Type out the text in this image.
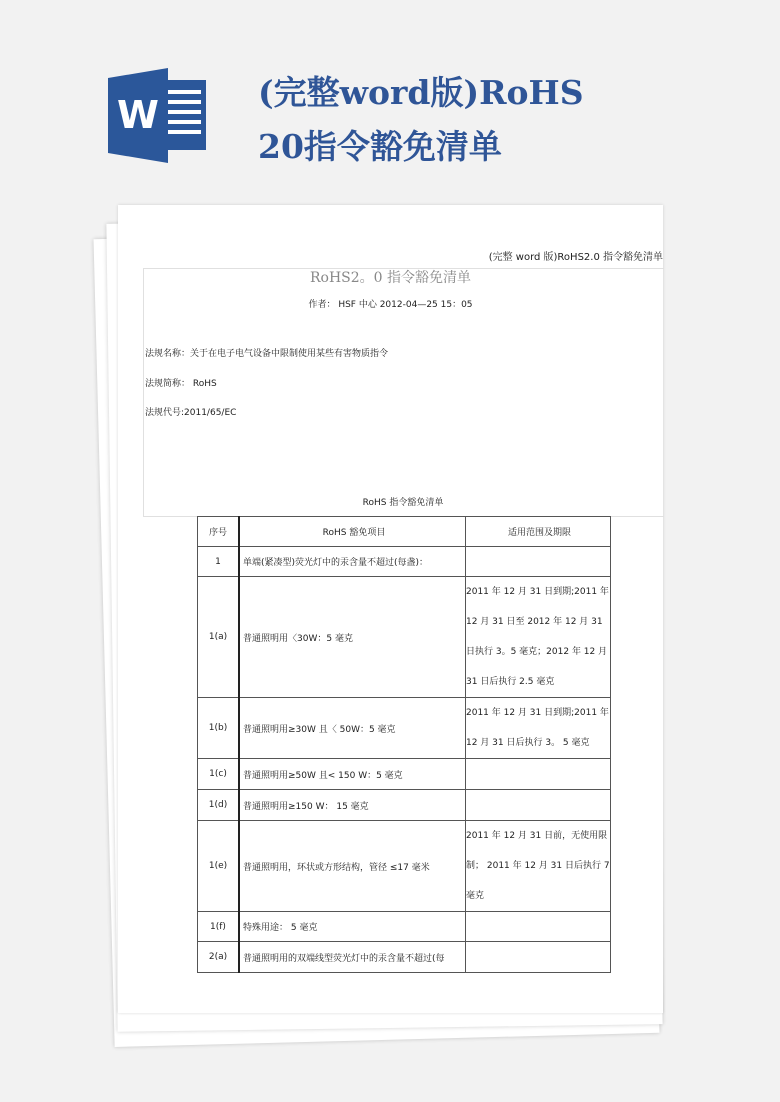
W
(完整word版)RoHS
20指令豁免清单
(完整 word 版)RoHS2.0 指令豁免清单
RoHS2。0 指令豁免清单
作者： HSF 中心 2012-04—25 15：05
法规名称：关于在电子电气设备中限制使用某些有害物质指令
法规简称： RoHS
法规代号:2011/65/EC
RoHS 指令豁免清单
序号	RoHS 豁免项目	适用范围及期限
1	单端(紧凑型)荧光灯中的汞含量不超过(每盏)：	
1(a)	普通照明用〈30W：5 毫克	2011 年 12 月 31 日到期;2011 年 12 月 31 日至 2012 年 12 月 31 日执行 3。5 毫克；2012 年 12 月 31 日后执行 2.5 毫克
1(b)	普通照明用≥30W 且〈 50W：5 毫克	2011 年 12 月 31 日到期;2011 年 12 月 31 日后执行 3。 5 毫克
1(c)	普通照明用≥50W 且< 150 W：5 毫克	
1(d)	普通照明用≥150 W： 15 毫克	
1(e)	普通照明用，环状或方形结构，管径 ≤17 毫米	2011 年 12 月 31 日前，无使用限制； 2011 年 12 月 31 日后执行 7 毫克
1(f)	特殊用途： 5 毫克	
2(a)	普通照明用的双端线型荧光灯中的汞含量不超过(每	
